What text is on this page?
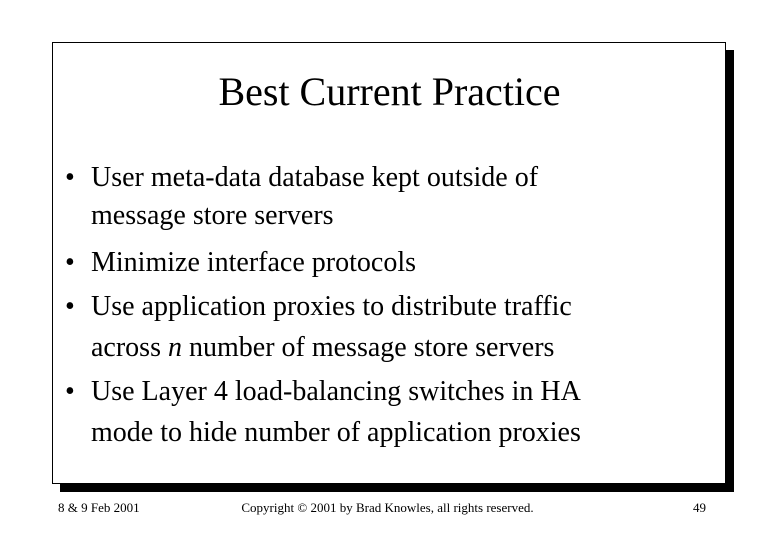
Best Current Practice
• User meta-data database kept outside of
message store servers
• Minimize interface protocols
• Use application proxies to distribute traffic
across n number of message store servers
• Use Layer 4 load-balancing switches in HA
mode to hide number of application proxies
8 & 9 Feb 2001	Copyright © 2001 by Brad Knowles, all rights reserved.	49
